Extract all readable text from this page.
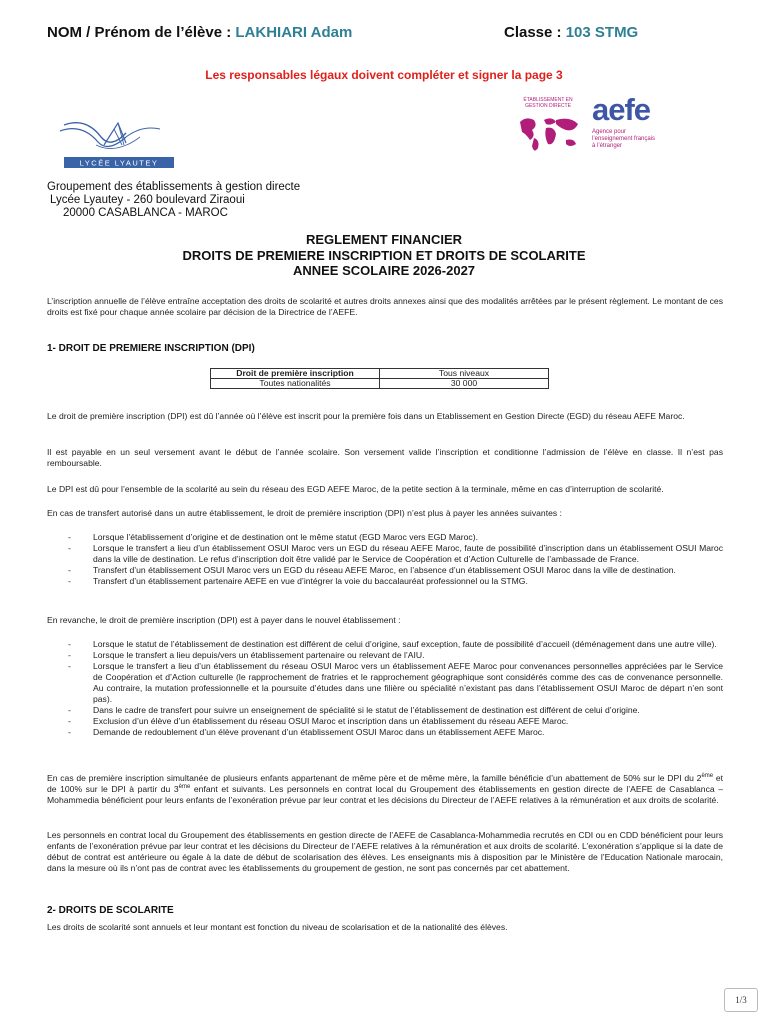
NOM / Prénom de l’élève : LAKHIARI Adam	Classe : 103 STMG
Les responsables légaux doivent compléter et signer la page 3
LYCÉE LYAUTEY
Groupement des établissements à gestion directe
Lycée Lyautey - 260 boulevard Ziraoui
20000 CASABLANCA - MAROC
ÉTABLISSEMENT EN GESTION DIRECTE aefe
Agence pour
l’enseignement français
à l’étranger
REGLEMENT FINANCIER
DROITS DE PREMIERE INSCRIPTION ET DROITS DE SCOLARITE
ANNEE SCOLAIRE 2026-2027
L’inscription annuelle de l’élève entraîne acceptation des droits de scolarité et autres droits annexes ainsi que des modalités arrêtées par le présent règlement. Le montant de ces droits est fixé pour chaque année scolaire par décision de la Directrice de l’AEFE.
1- DROIT DE PREMIERE INSCRIPTION (DPI)
Droit de première inscription	Tous niveaux
Toutes nationalités	30 000
Le droit de première inscription (DPI) est dû l’année où l’élève est inscrit pour la première fois dans un Etablissement en Gestion Directe (EGD) du réseau AEFE Maroc.
Il est payable en un seul versement avant le début de l’année scolaire. Son versement valide l’inscription et conditionne l’admission de l’élève en classe. Il n’est pas remboursable.
Le DPI est dû pour l’ensemble de la scolarité au sein du réseau des EGD AEFE Maroc, de la petite section à la terminale, même en cas d’interruption de scolarité.
En cas de transfert autorisé dans un autre établissement, le droit de première inscription (DPI) n’est plus à payer les années suivantes :
- Lorsque l’établissement d’origine et de destination ont le même statut (EGD Maroc vers EGD Maroc).
- Lorsque le transfert a lieu d’un établissement OSUI Maroc vers un EGD du réseau AEFE Maroc, faute de possibilité d’inscription dans un établissement OSUI Maroc dans la ville de destination. Le refus d’inscription doit être validé par le Service de Coopération et d’Action Culturelle de l’ambassade de France.
- Transfert d’un établissement OSUI Maroc vers un EGD du réseau AEFE Maroc, en l’absence d’un établissement OSUI Maroc dans la ville de destination.
- Transfert d’un établissement partenaire AEFE en vue d’intégrer la voie du baccalauréat professionnel ou la STMG.
En revanche, le droit de première inscription (DPI) est à payer dans le nouvel établissement :
- Lorsque le statut de l’établissement de destination est différent de celui d’origine, sauf exception, faute de possibilité d’accueil (déménagement dans une autre ville).
- Lorsque le transfert a lieu depuis/vers un établissement partenaire ou relevant de l’AIU.
- Lorsque le transfert a lieu d’un établissement du réseau OSUI Maroc vers un établissement AEFE Maroc pour convenances personnelles appréciées par le Service de Coopération et d’Action culturelle (le rapprochement de fratries et le rapprochement géographique sont considérés comme des cas de convenance personnelle. Au contraire, la mutation professionnelle et la poursuite d’études dans une filière ou spécialité n’existant pas dans l’établissement OSUI Maroc de départ n’en sont pas).
- Dans le cadre de transfert pour suivre un enseignement de spécialité si le statut de l’établissement de destination est différent de celui d’origine.
- Exclusion d’un élève d’un établissement du réseau OSUI Maroc et inscription dans un établissement du réseau AEFE Maroc.
- Demande de redoublement d’un élève provenant d’un établissement OSUI Maroc dans un établissement AEFE Maroc.
En cas de première inscription simultanée de plusieurs enfants appartenant de même père et de même mère, la famille bénéficie d’un abattement de 50% sur le DPI du 2ème et de 100% sur le DPI à partir du 3ème enfant et suivants. Les personnels en contrat local du Groupement des établissements en gestion directe de l’AEFE de Casablanca – Mohammedia bénéficient pour leurs enfants de l’exonération prévue par leur contrat et les décisions du Directeur de l’AEFE relatives à la rémunération et aux droits de scolarité.
Les personnels en contrat local du Groupement des établissements en gestion directe de l’AEFE de Casablanca-Mohammedia recrutés en CDI ou en CDD bénéficient pour leurs enfants de l’exonération prévue par leur contrat et les décisions du Directeur de l’AEFE relatives à la rémunération et aux droits de scolarité. L’exonération s’applique si la date de début de contrat est antérieure ou égale à la date de début de scolarisation des élèves. Les enseignants mis à disposition par le Ministère de l’Education Nationale marocain, dans la mesure où ils n’ont pas de contrat avec les établissements du groupement de gestion, ne sont pas concernés par cet abattement.
2- DROITS DE SCOLARITE
Les droits de scolarité sont annuels et leur montant est fonction du niveau de scolarisation et de la nationalité des élèves.
1/3
